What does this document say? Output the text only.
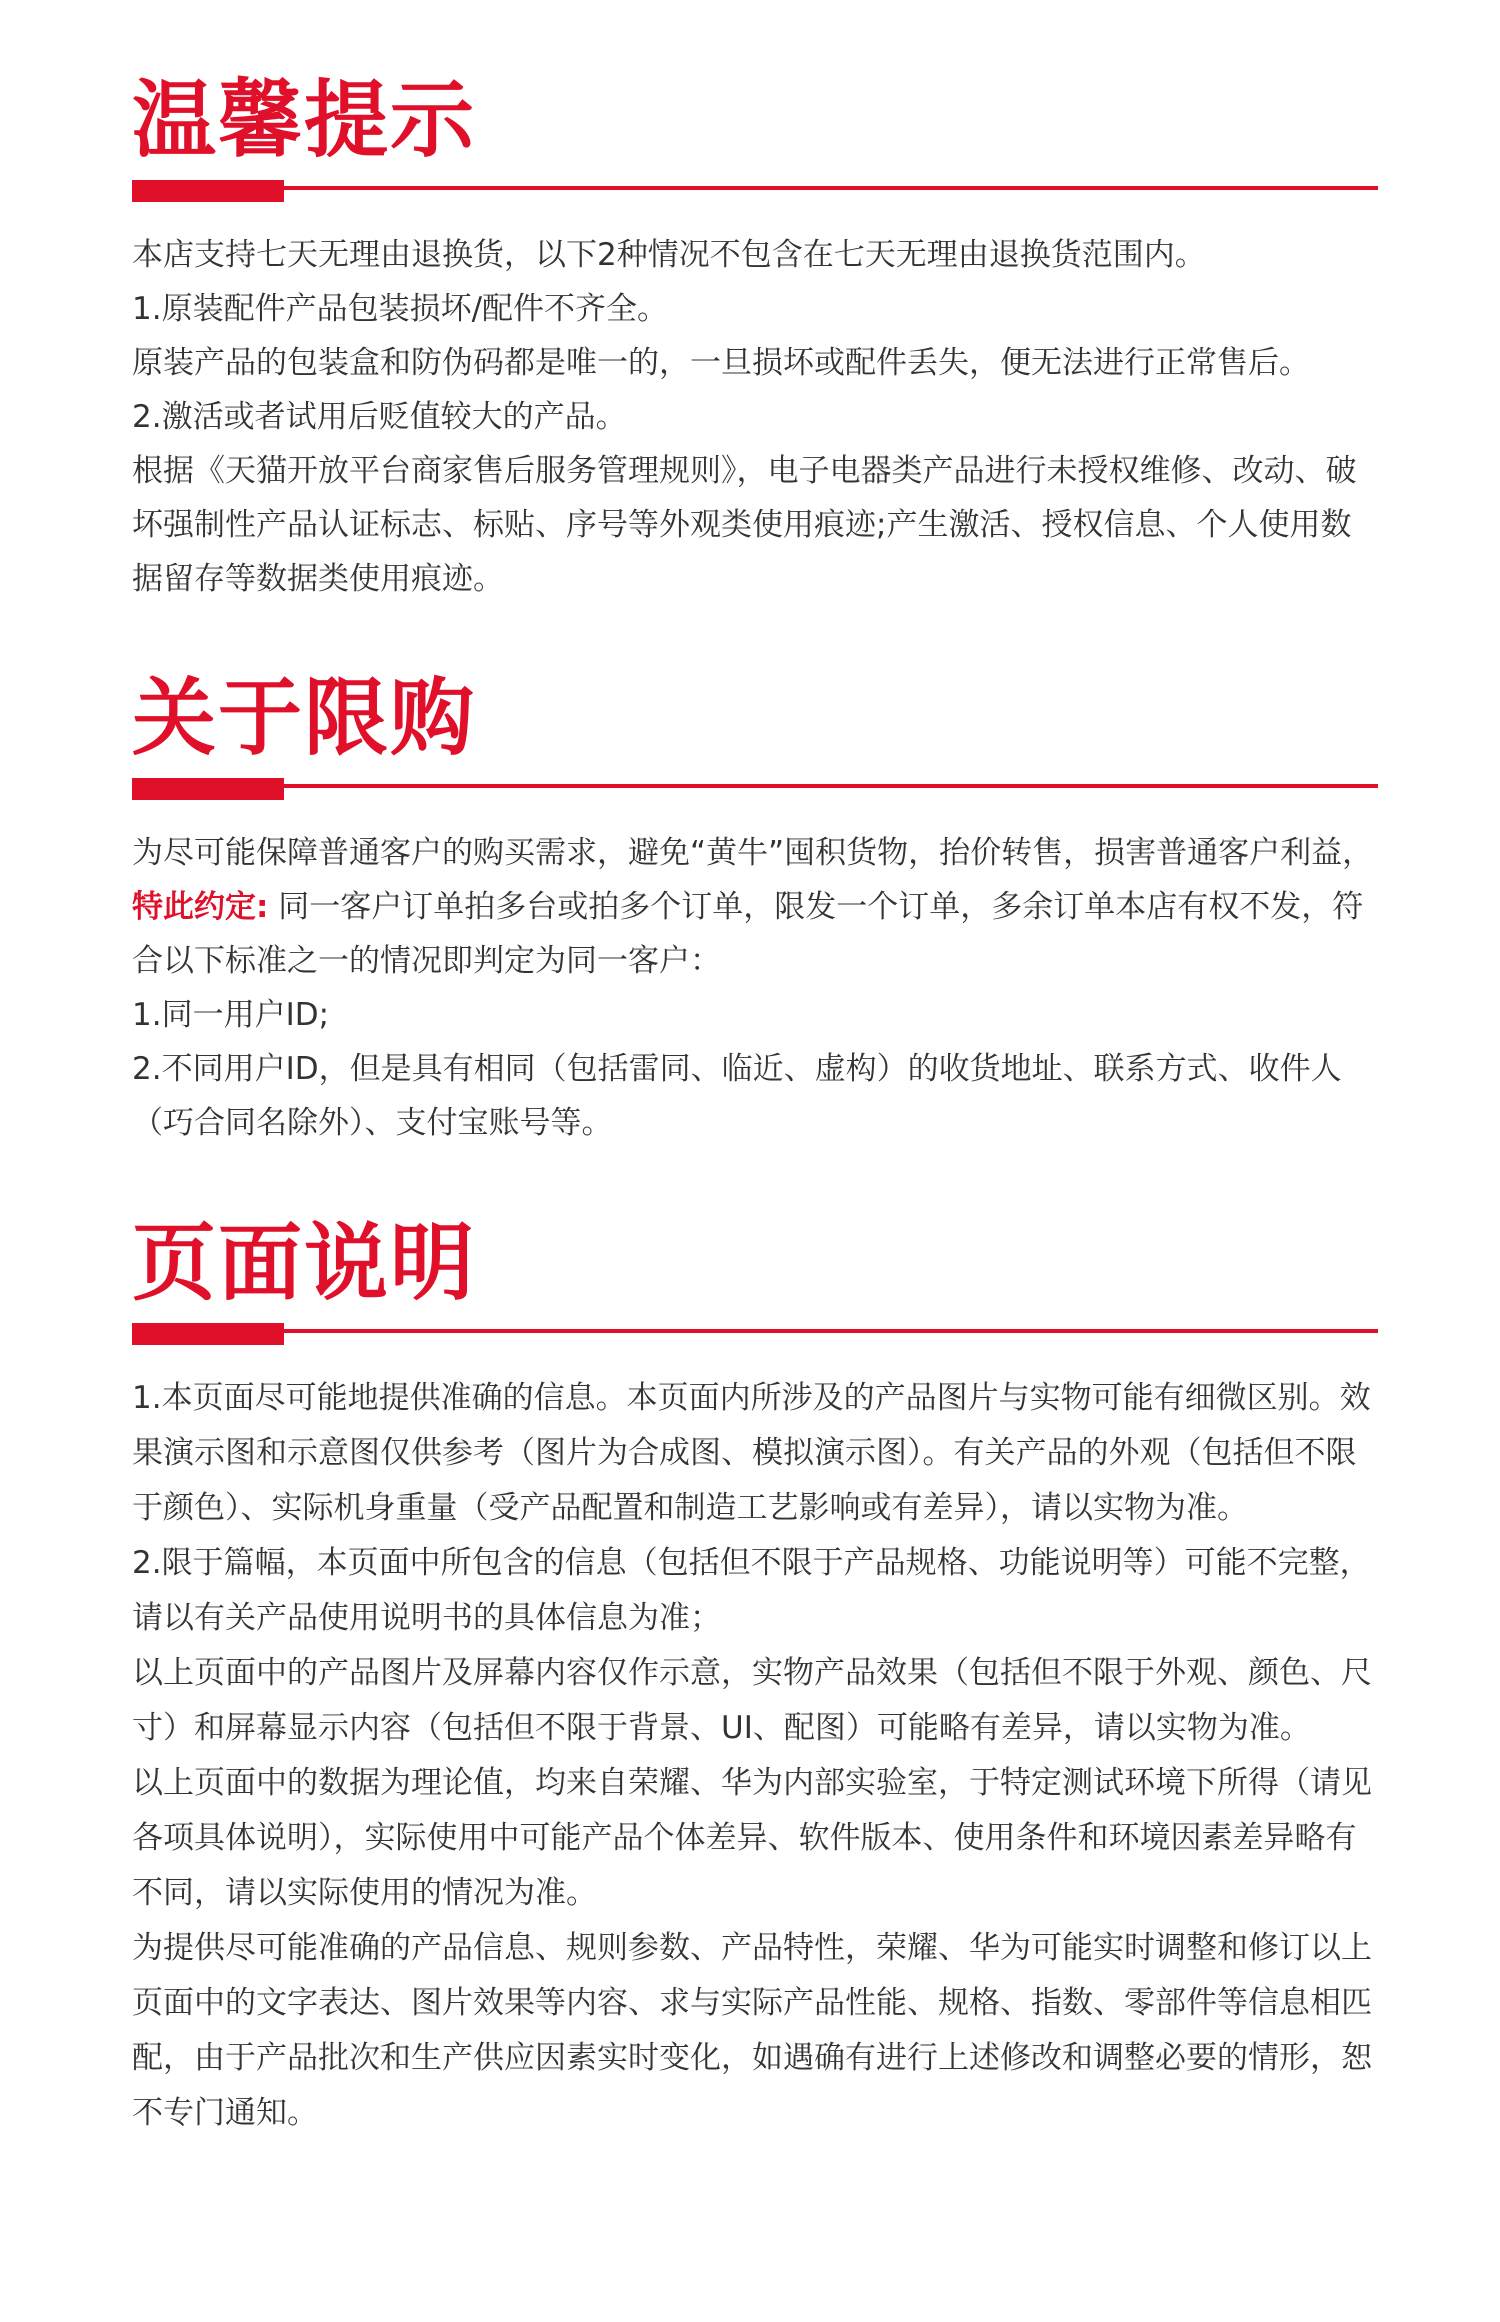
温馨提示

本店支持七天无理由退换货，以下2种情况不包含在七天无理由退换货范围内。

1.原装配件产品包装损坏/配件不齐全。

原装产品的包装盒和防伪码都是唯一的，一旦损坏或配件丢失，便无法进行正常售后。

2.激活或者试用后贬值较大的产品。

根据《天猫开放平台商家售后服务管理规则》，电子电器类产品进行未授权维修、改动、破坏强制性产品认证标志、标贴、序号等外观类使用痕迹;产生激活、授权信息、个人使用数据留存等数据类使用痕迹。

关于限购

为尽可能保障普通客户的购买需求，避免“黄牛”囤积货物，抬价转售，损害普通客户利益，特此约定: 同一客户订单拍多台或拍多个订单，限发一个订单，多余订单本店有权不发，符合以下标准之一的情况即判定为同一客户：

1.同一用户ID;

2.不同用户ID，但是具有相同（包括雷同、临近、虚构）的收货地址、联系方式、收件人（巧合同名除外）、支付宝账号等。

页面说明

1.本页面尽可能地提供准确的信息。本页面内所涉及的产品图片与实物可能有细微区别。效果演示图和示意图仅供参考（图片为合成图、模拟演示图）。有关产品的外观（包括但不限于颜色）、实际机身重量（受产品配置和制造工艺影响或有差异），请以实物为准。

2.限于篇幅，本页面中所包含的信息（包括但不限于产品规格、功能说明等）可能不完整，请以有关产品使用说明书的具体信息为准；

以上页面中的产品图片及屏幕内容仅作示意，实物产品效果（包括但不限于外观、颜色、尺寸）和屏幕显示内容（包括但不限于背景、UI、配图）可能略有差异，请以实物为准。

以上页面中的数据为理论值，均来自荣耀、华为内部实验室，于特定测试环境下所得（请见各项具体说明），实际使用中可能产品个体差异、软件版本、使用条件和环境因素差异略有不同，请以实际使用的情况为准。

为提供尽可能准确的产品信息、规则参数、产品特性，荣耀、华为可能实时调整和修订以上页面中的文字表达、图片效果等内容、求与实际产品性能、规格、指数、零部件等信息相匹配，由于产品批次和生产供应因素实时变化，如遇确有进行上述修改和调整必要的情形，恕不专门通知。
